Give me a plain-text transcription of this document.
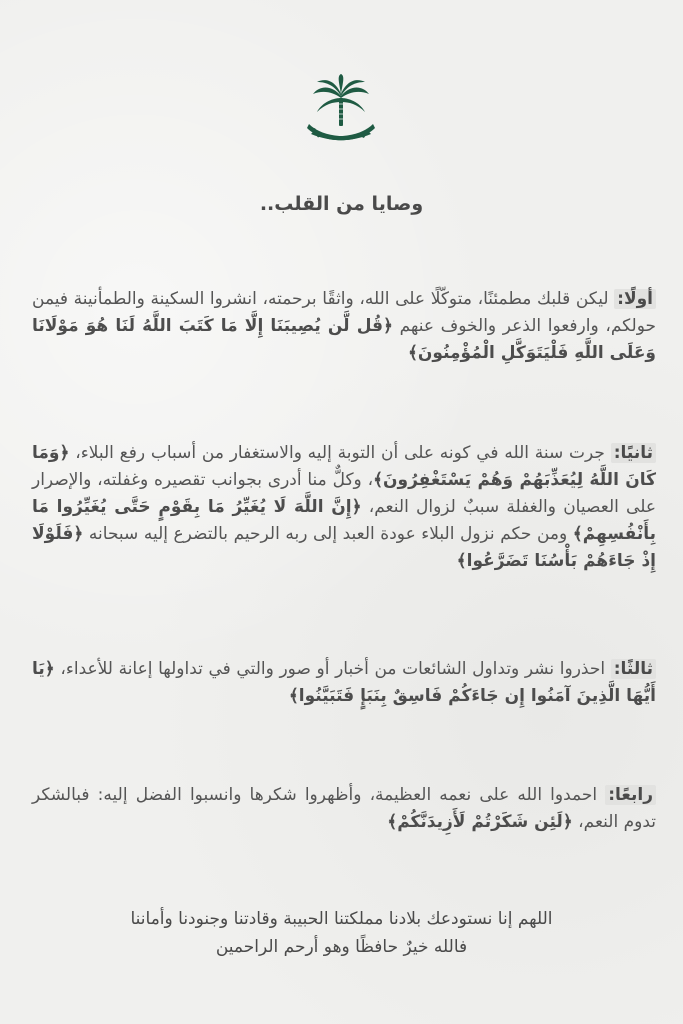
وصايا من القلب..
أولًا: ليكن قلبك مطمئنًا، متوكّلًا على الله، واثقًا برحمته، انشروا السكينة والطمأنينة فيمن حولكم، وارفعوا الذعر والخوف عنهم ﴿قُل لَّن يُصِيبَنَا إِلَّا مَا كَتَبَ اللَّهُ لَنَا هُوَ مَوْلَانَا وَعَلَى اللَّهِ فَلْيَتَوَكَّلِ الْمُؤْمِنُونَ﴾
ثانيًا: جرت سنة الله في كونه على أن التوبة إليه والاستغفار من أسباب رفع البلاء، ﴿وَمَا كَانَ اللَّهُ لِيُعَذِّبَهُمْ وَهُمْ يَسْتَغْفِرُونَ﴾، وكلٌّ منا أدرى بجوانب تقصيره وغفلته، والإصرار على العصيان والغفلة سببٌ لزوال النعم، ﴿إِنَّ اللَّهَ لَا يُغَيِّرُ مَا بِقَوْمٍ حَتَّى يُغَيِّرُوا مَا بِأَنْفُسِهِمْ﴾ ومن حكم نزول البلاء عودة العبد إلى ربه الرحيم بالتضرع إليه سبحانه ﴿فَلَوْلَا إِذْ جَاءَهُمْ بَأْسُنَا تَضَرَّعُوا﴾
ثالثًا: احذروا نشر وتداول الشائعات من أخبار أو صور والتي في تداولها إعانة للأعداء، ﴿يَا أَيُّهَا الَّذِينَ آمَنُوا إِن جَاءَكُمْ فَاسِقٌ بِنَبَإٍ فَتَبَيَّنُوا﴾
رابعًا: احمدوا الله على نعمه العظيمة، وأظهروا شكرها وانسبوا الفضل إليه: فبالشكر تدوم النعم، ﴿لَئِن شَكَرْتُمْ لَأَزِيدَنَّكُمْ﴾
اللهم إنا نستودعك بلادنا مملكتنا الحبيبة وقادتنا وجنودنا وأماننا
فالله خيرٌ حافظًا وهو أرحم الراحمين
